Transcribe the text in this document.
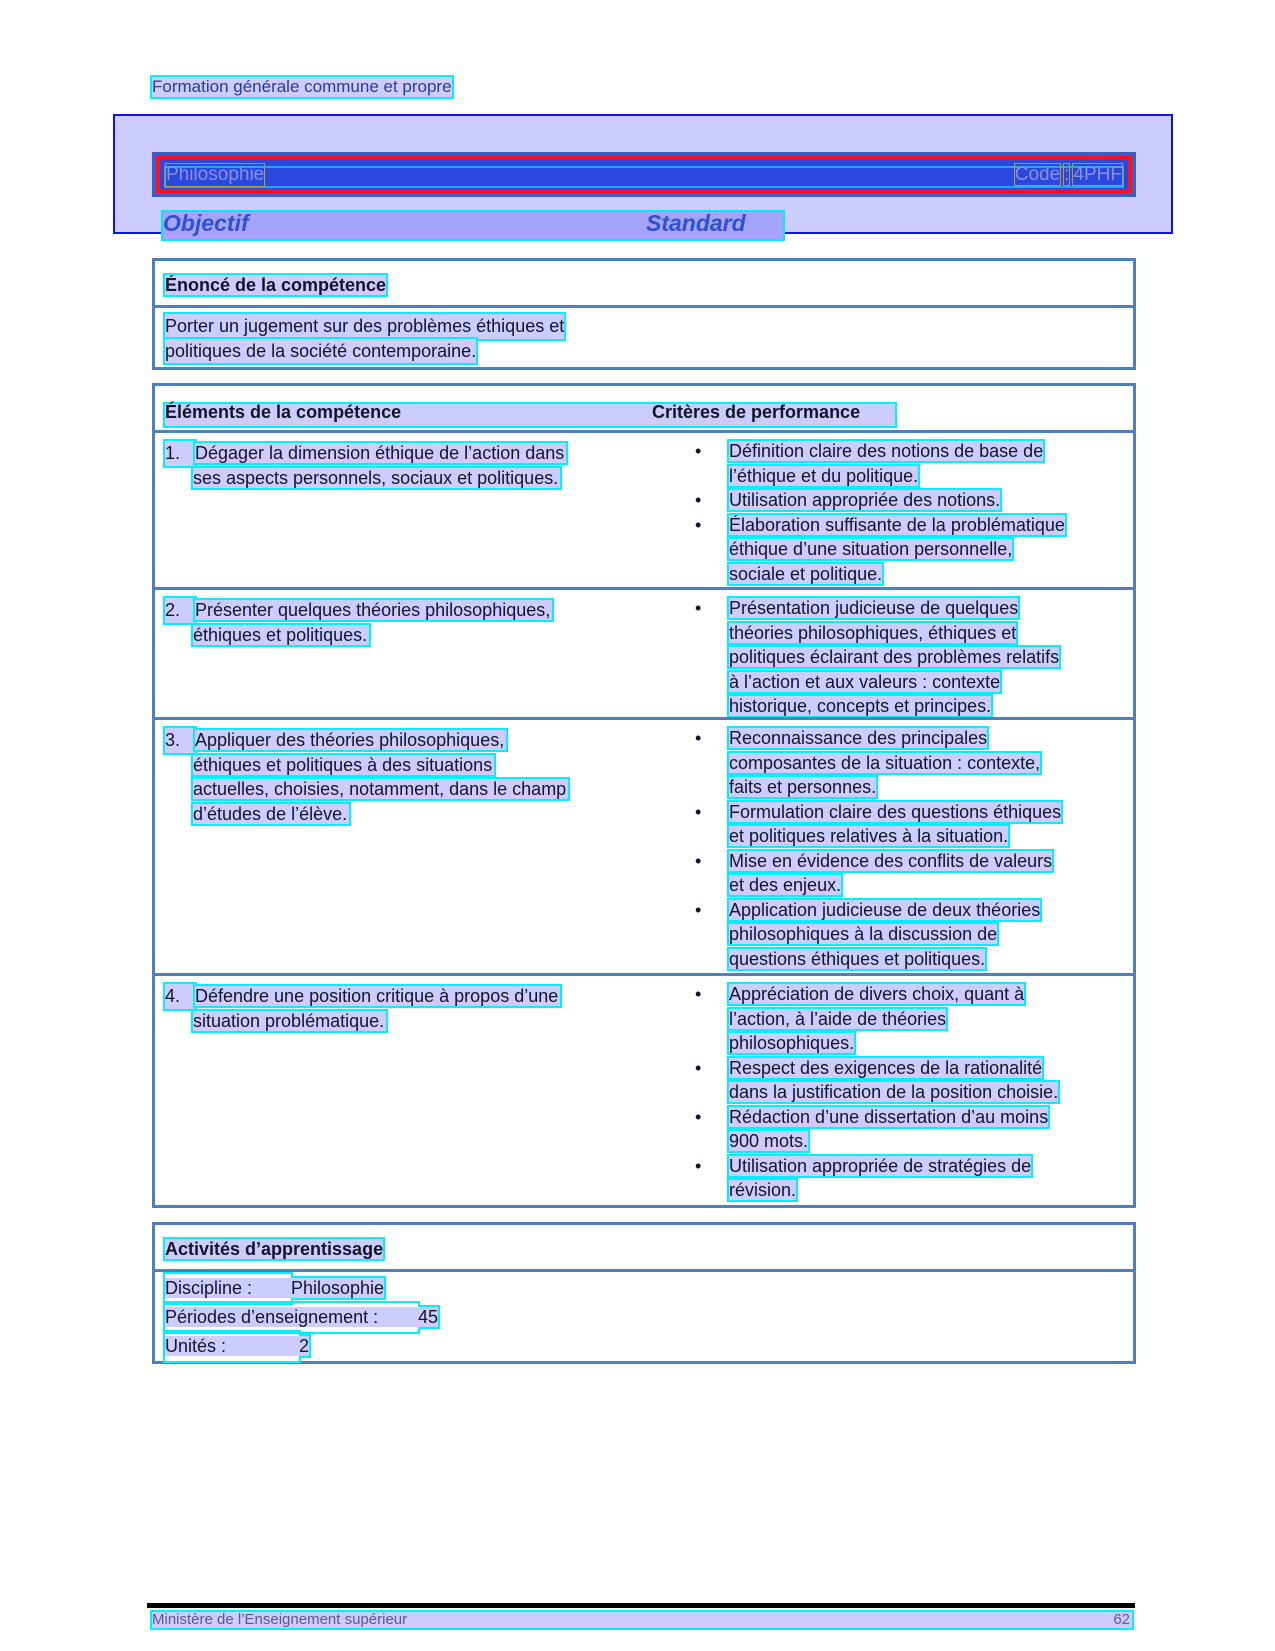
Formation générale commune et propre
Philosophie	Code : 4PHF
Objectif	Standard
Énoncé de la compétence
Porter un jugement sur des problèmes éthiques et
politiques de la société contemporaine.
Éléments de la compétence	Critères de performance
1. Dégager la dimension éthique de l’action dans
ses aspects personnels, sociaux et politiques.
• Définition claire des notions de base de
l’éthique et du politique.
• Utilisation appropriée des notions.
• Élaboration suffisante de la problématique
éthique d’une situation personnelle,
sociale et politique.
2. Présenter quelques théories philosophiques,
éthiques et politiques.
• Présentation judicieuse de quelques
théories philosophiques, éthiques et
politiques éclairant des problèmes relatifs
à l’action et aux valeurs : contexte
historique, concepts et principes.
3. Appliquer des théories philosophiques,
éthiques et politiques à des situations
actuelles, choisies, notamment, dans le champ
d’études de l’élève.
• Reconnaissance des principales
composantes de la situation : contexte,
faits et personnes.
• Formulation claire des questions éthiques
et politiques relatives à la situation.
• Mise en évidence des conflits de valeurs
et des enjeux.
• Application judicieuse de deux théories
philosophiques à la discussion de
questions éthiques et politiques.
4. Défendre une position critique à propos d’une
situation problématique.
• Appréciation de divers choix, quant à
l’action, à l’aide de théories
philosophiques.
• Respect des exigences de la rationalité
dans la justification de la position choisie.
• Rédaction d’une dissertation d’au moins
900 mots.
• Utilisation appropriée de stratégies de
révision.
Activités d’apprentissage
Discipline : Philosophie
Périodes d’enseignement : 45
Unités :	2
Ministère de l’Enseignement supérieur	62
